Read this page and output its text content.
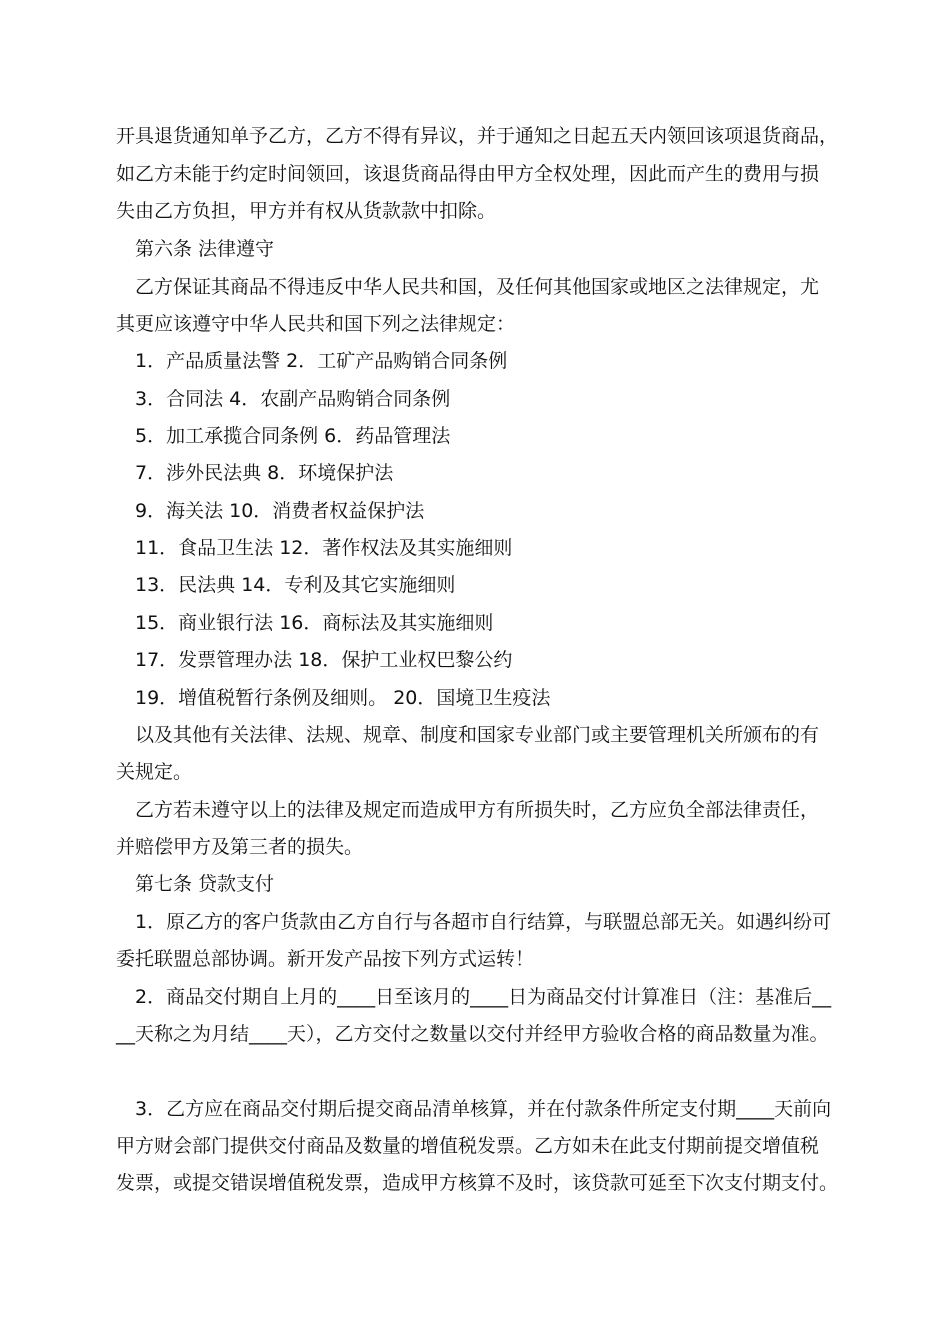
开具退货通知单予乙方，乙方不得有异议，并于通知之日起五天内领回该项退货商品，
如乙方未能于约定时间领回，该退货商品得由甲方全权处理，因此而产生的费用与损
失由乙方负担，甲方并有权从货款款中扣除。
第六条 法律遵守
乙方保证其商品不得违反中华人民共和国，及任何其他国家或地区之法律规定，尤
其更应该遵守中华人民共和国下列之法律规定：
1．产品质量法警 2．工矿产品购销合同条例
3．合同法 4．农副产品购销合同条例
5．加工承揽合同条例 6．药品管理法
7．涉外民法典 8．环境保护法
9．海关法 10．消费者权益保护法
11．食品卫生法 12．著作权法及其实施细则
13．民法典 14．专利及其它实施细则
15．商业银行法 16．商标法及其实施细则
17．发票管理办法 18．保护工业权巴黎公约
19．增值税暂行条例及细则。 20．国境卫生疫法
以及其他有关法律、法规、规章、制度和国家专业部门或主要管理机关所颁布的有
关规定。
乙方若未遵守以上的法律及规定而造成甲方有所损失时，乙方应负全部法律责任，
并赔偿甲方及第三者的损失。
第七条 贷款支付
1．原乙方的客户货款由乙方自行与各超市自行结算，与联盟总部无关。如遇纠纷可
委托联盟总部协调。新开发产品按下列方式运转！
2．商品交付期自上月的____日至该月的____日为商品交付计算准日（注：基准后__
__天称之为月结____天），乙方交付之数量以交付并经甲方验收合格的商品数量为准。
3．乙方应在商品交付期后提交商品清单核算，并在付款条件所定支付期____天前向
甲方财会部门提供交付商品及数量的增值税发票。乙方如未在此支付期前提交增值税
发票，或提交错误增值税发票，造成甲方核算不及时，该贷款可延至下次支付期支付。
